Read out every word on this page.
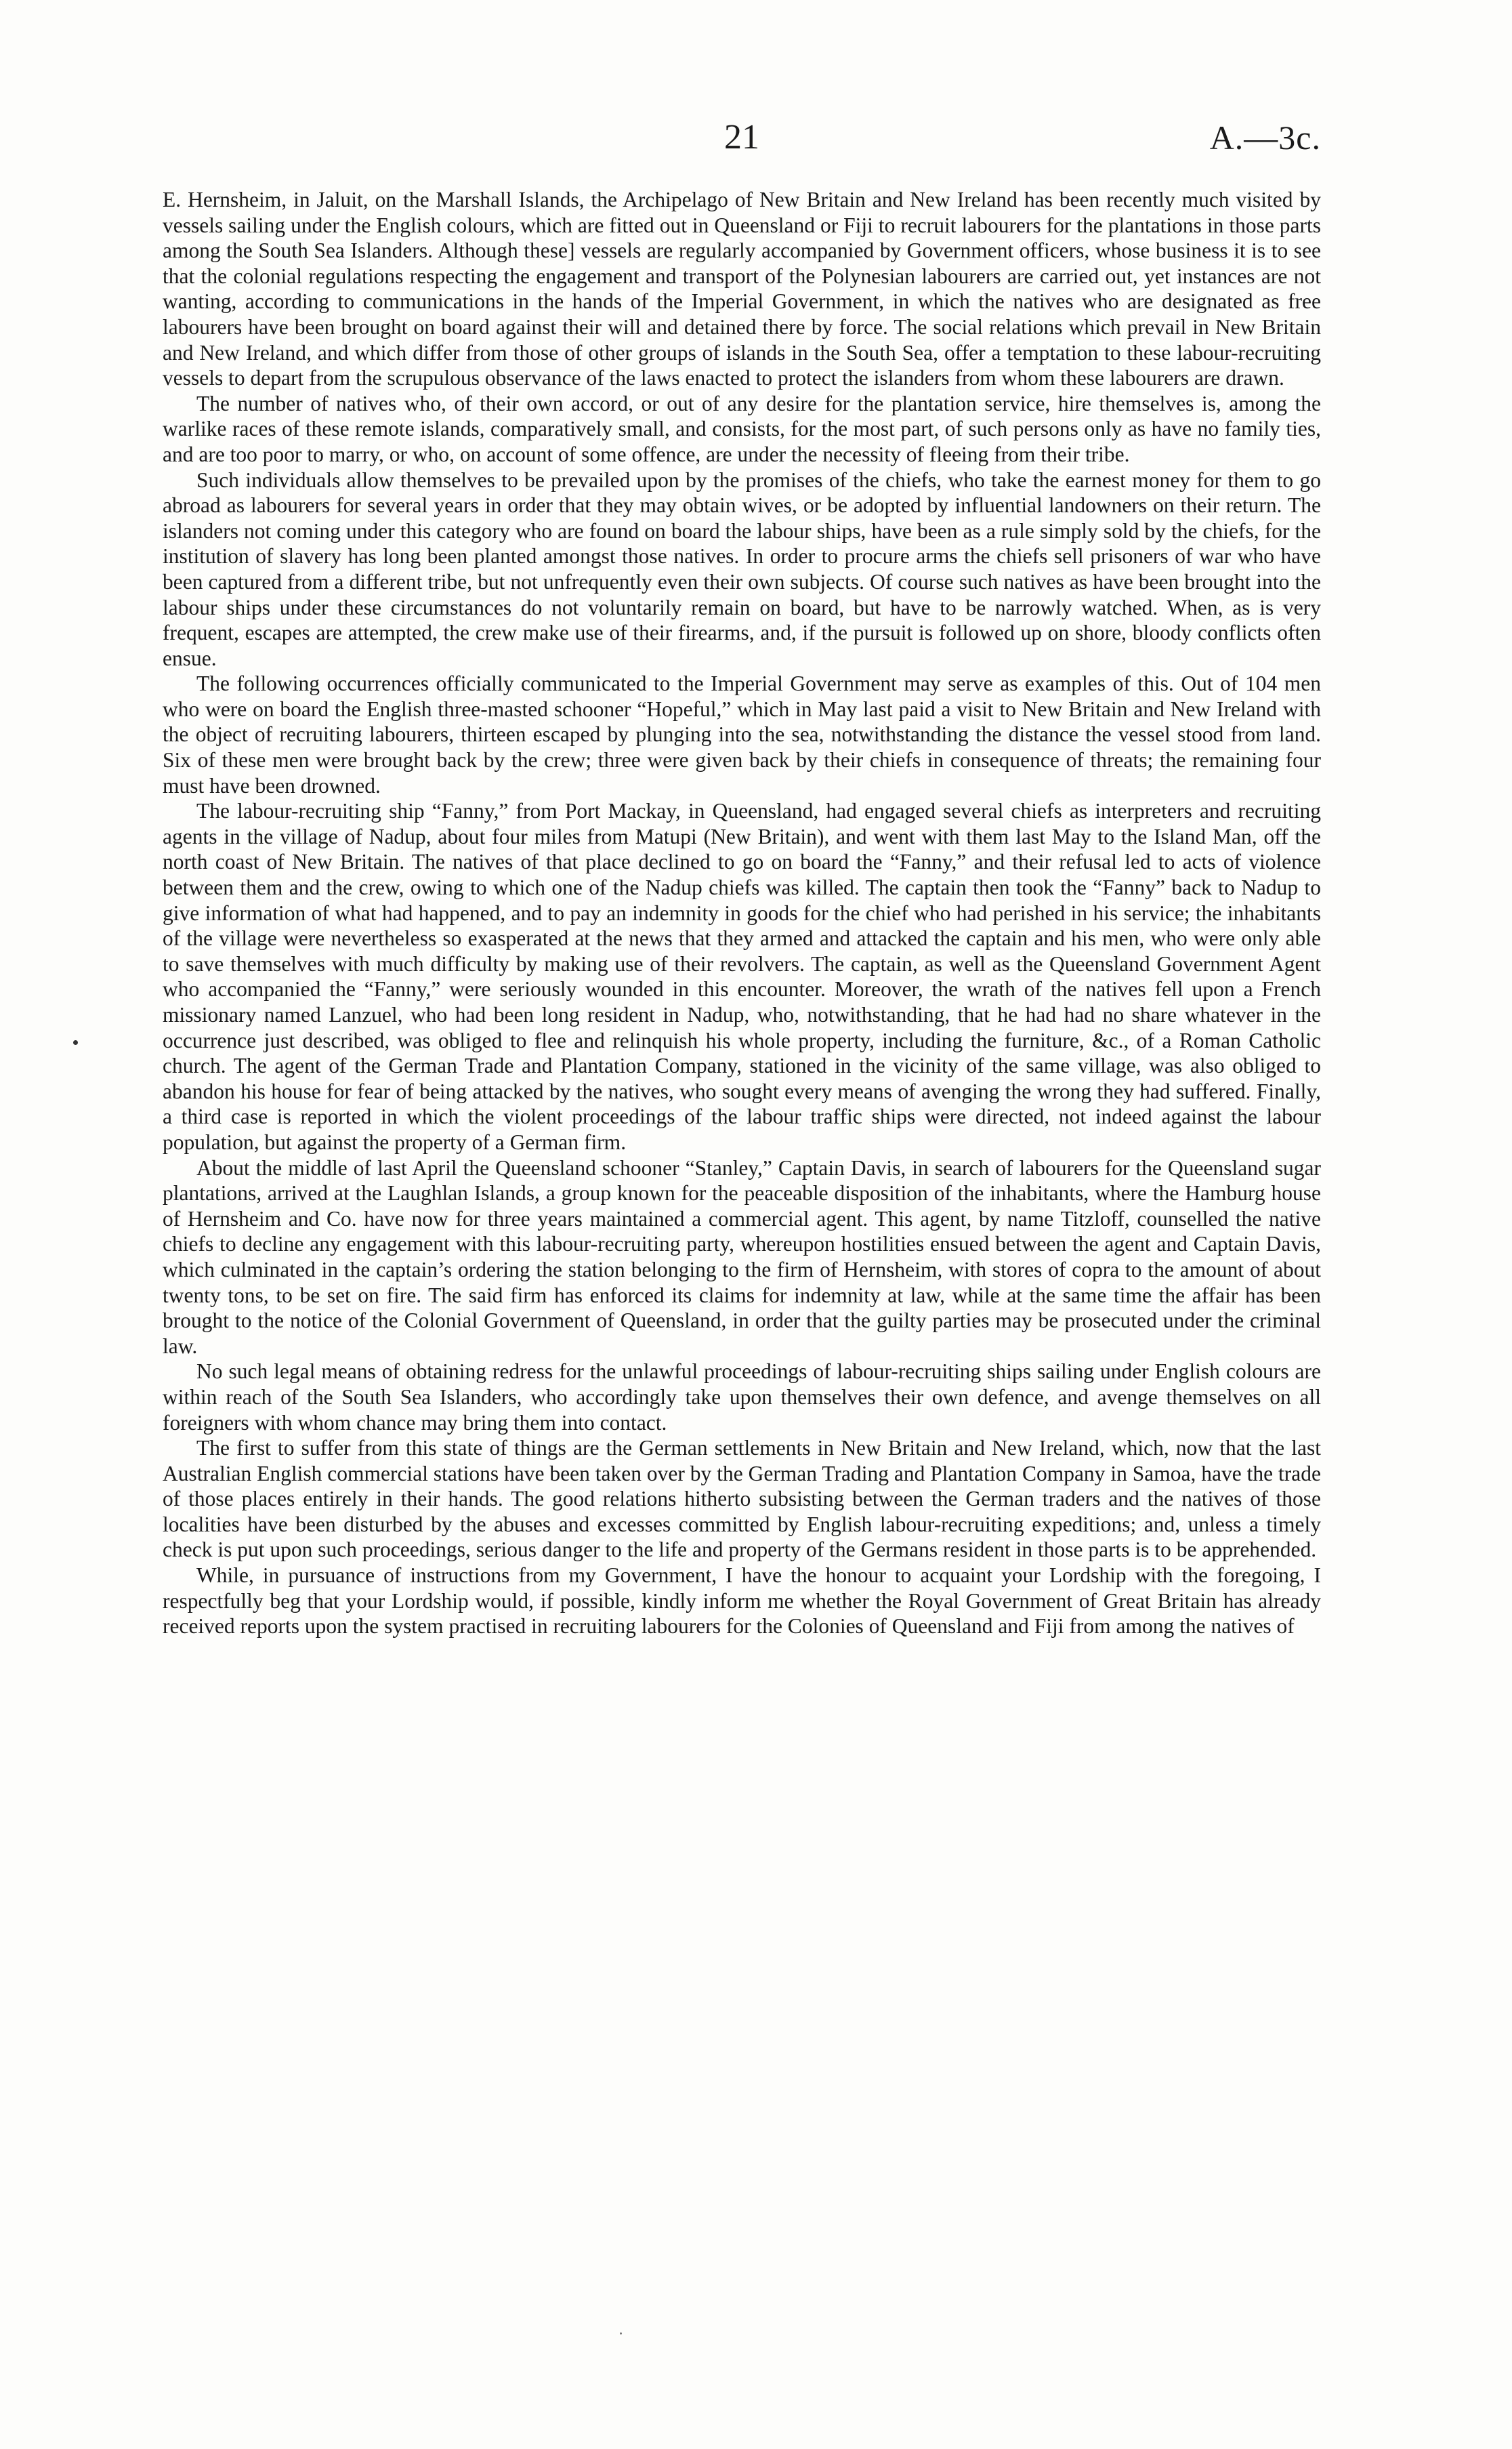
21	A.—3c.

E. Hernsheim, in Jaluit, on the Marshall Islands, the Archipelago of New Britain and New Ireland has been recently much visited by vessels sailing under the English colours, which are fitted out in Queensland or Fiji to recruit labourers for the plantations in those parts among the South Sea Islanders. Although these] vessels are regularly accompanied by Government officers, whose business it is to see that the colonial regulations respecting the engagement and transport of the Polynesian labourers are carried out, yet instances are not wanting, according to communications in the hands of the Imperial Government, in which the natives who are designated as free labourers have been brought on board against their will and detained there by force. The social relations which prevail in New Britain and New Ireland, and which differ from those of other groups of islands in the South Sea, offer a temptation to these labour-recruiting vessels to depart from the scrupulous observance of the laws enacted to protect the islanders from whom these labourers are drawn.

The number of natives who, of their own accord, or out of any desire for the plantation service, hire themselves is, among the warlike races of these remote islands, comparatively small, and consists, for the most part, of such persons only as have no family ties, and are too poor to marry, or who, on account of some offence, are under the necessity of fleeing from their tribe.

Such individuals allow themselves to be prevailed upon by the promises of the chiefs, who take the earnest money for them to go abroad as labourers for several years in order that they may obtain wives, or be adopted by influential landowners on their return. The islanders not coming under this category who are found on board the labour ships, have been as a rule simply sold by the chiefs, for the institution of slavery has long been planted amongst those natives. In order to procure arms the chiefs sell prisoners of war who have been captured from a different tribe, but not unfrequently even their own subjects. Of course such natives as have been brought into the labour ships under these circumstances do not voluntarily remain on board, but have to be narrowly watched. When, as is very frequent, escapes are attempted, the crew make use of their firearms, and, if the pursuit is followed up on shore, bloody conflicts often ensue.

The following occurrences officially communicated to the Imperial Government may serve as examples of this. Out of 104 men who were on board the English three-masted schooner “Hopeful,” which in May last paid a visit to New Britain and New Ireland with the object of recruiting labourers, thirteen escaped by plunging into the sea, notwithstanding the distance the vessel stood from land. Six of these men were brought back by the crew; three were given back by their chiefs in consequence of threats; the remaining four must have been drowned.

The labour-recruiting ship “Fanny,” from Port Mackay, in Queensland, had engaged several chiefs as interpreters and recruiting agents in the village of Nadup, about four miles from Matupi (New Britain), and went with them last May to the Island Man, off the north coast of New Britain. The natives of that place declined to go on board the “Fanny,” and their refusal led to acts of violence between them and the crew, owing to which one of the Nadup chiefs was killed. The captain then took the “Fanny” back to Nadup to give information of what had happened, and to pay an indemnity in goods for the chief who had perished in his service; the inhabitants of the village were nevertheless so exasperated at the news that they armed and attacked the captain and his men, who were only able to save themselves with much difficulty by making use of their revolvers. The captain, as well as the Queensland Government Agent who accompanied the “Fanny,” were seriously wounded in this encounter. Moreover, the wrath of the natives fell upon a French missionary named Lanzuel, who had been long resident in Nadup, who, notwithstanding, that he had had no share whatever in the occurrence just described, was obliged to flee and relinquish his whole property, including the furniture, &c., of a Roman Catholic church. The agent of the German Trade and Plantation Company, stationed in the vicinity of the same village, was also obliged to abandon his house for fear of being attacked by the natives, who sought every means of avenging the wrong they had suffered. Finally, a third case is reported in which the violent proceedings of the labour traffic ships were directed, not indeed against the labour population, but against the property of a German firm.

About the middle of last April the Queensland schooner “Stanley,” Captain Davis, in search of labourers for the Queensland sugar plantations, arrived at the Laughlan Islands, a group known for the peaceable disposition of the inhabitants, where the Hamburg house of Hernsheim and Co. have now for three years maintained a commercial agent. This agent, by name Titzloff, counselled the native chiefs to decline any engagement with this labour-recruiting party, whereupon hostilities ensued between the agent and Captain Davis, which culminated in the captain’s ordering the station belonging to the firm of Hernsheim, with stores of copra to the amount of about twenty tons, to be set on fire. The said firm has enforced its claims for indemnity at law, while at the same time the affair has been brought to the notice of the Colonial Government of Queensland, in order that the guilty parties may be prosecuted under the criminal law.

No such legal means of obtaining redress for the unlawful proceedings of labour-recruiting ships sailing under English colours are within reach of the South Sea Islanders, who accordingly take upon themselves their own defence, and avenge themselves on all foreigners with whom chance may bring them into contact.

The first to suffer from this state of things are the German settlements in New Britain and New Ireland, which, now that the last Australian English commercial stations have been taken over by the German Trading and Plantation Company in Samoa, have the trade of those places entirely in their hands. The good relations hitherto subsisting between the German traders and the natives of those localities have been disturbed by the abuses and excesses committed by English labour-recruiting expeditions; and, unless a timely check is put upon such proceedings, serious danger to the life and property of the Germans resident in those parts is to be apprehended.

While, in pursuance of instructions from my Government, I have the honour to acquaint your Lordship with the foregoing, I respectfully beg that your Lordship would, if possible, kindly inform me whether the Royal Government of Great Britain has already received reports upon the system practised in recruiting labourers for the Colonies of Queensland and Fiji from among the natives of
